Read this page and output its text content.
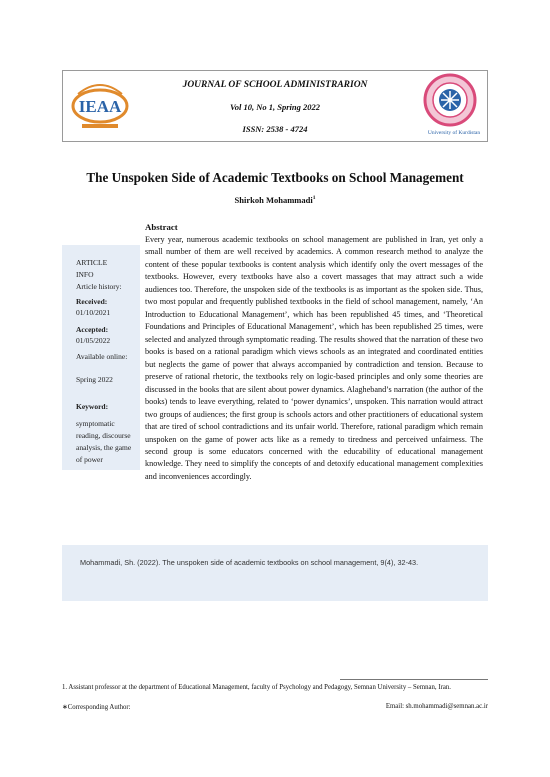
IEAA
JOURNAL OF SCHOOL ADMINISTRARION
Vol 10, No 1, Spring 2022
ISSN: 2538 - 4724	University of Kurdistan
The Unspoken Side of Academic Textbooks on School Management
Shirkoh Mohammadi$^1$
ARTICLE
INFO
Article history:
Received:
01/10/2021
Accepted:
01/05/2022
Available online:
Spring 2022
Keyword:
symptomatic reading, discourse analysis, the game of power
Abstract

Every year, numerous academic textbooks on school management are published in Iran, yet only a small number of them are well received by academics. A common research method to analyze the content of these popular textbooks is content analysis which identify only the overt messages of the textbooks. However, every textbooks have also a covert massages that may attract such a wide audiences too. Therefore, the unspoken side of the textbooks is as important as the spoken side. Thus, two most popular and frequently published textbooks in the field of school management, namely, ‘An Introduction to Educational Management’, which has been republished 45 times, and ‘Theoretical Foundations and Principles of Educational Management’, which has been republished 25 times, were selected and analyzed through symptomatic reading. The results showed that the narration of these two books is based on a rational paradigm which views schools as an integrated and coordinated entities but neglects the game of power that always accompanied by contradiction and tension. Because to preserve of rational rhetoric, the textbooks rely on logic-based principles and only some theories are discussed in the books that are silent about power dynamics. Alagheband’s narration (the author of the books) tends to leave everything, related to ‘power dynamics’, unspoken. This narration would attract two groups of audiences; the first group is schools actors and other practitioners of educational system that are tired of school contradictions and its unfair world. Therefore, rational paradigm which remain unspoken on the game of power acts like as a remedy to tiredness and perceived unfairness. The second group is some educators concerned with the educability of educational management knowledge. They need to simplify the concepts of and detoxify educational management complexities and inconveniences accordingly.

Mohammadi, Sh. (2022). The unspoken side of academic textbooks on school management, 9(4), 32-43.

1. Assistant professor at the department of Educational Management, faculty of Psychology and Pedagogy, Semnan University – Semnan, Iran.

∗Corresponding Author:	Email: sh.mohammadi@semnan.ac.ir
